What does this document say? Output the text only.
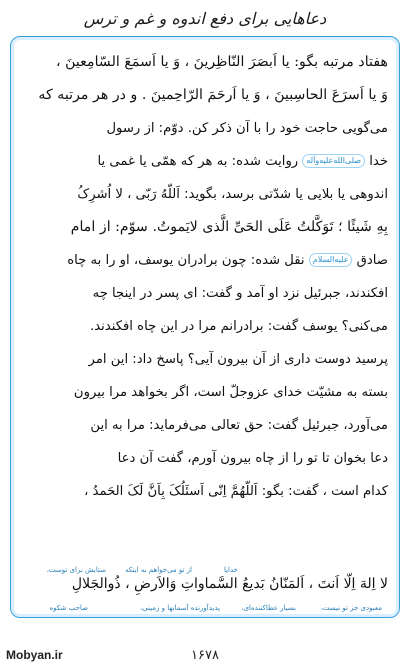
دعاهایی برای دفع اندوه و غم و ترس
هفتاد مرتبه بگو: یا اَبصَرَ النّاظِرینَ ، وَ یا اَسمَعَ السّامِعینَ ،
وَ یا اَسرَعَ الحاسِبینَ ، وَ یا اَرحَمَ الرّاحِمینَ . و در هر مرتبه که
می‌گویی حاجت خود را با آن ذکر کن. دوّم: از رسول
خدا صلی‌الله‌علیه‌وآله روایت شده: به هر که همّی یا غمی یا
اندوهی یا بلایی یا شدّتی برسد، بگوید: اَللّهُ رَبّی ، لا اُشرِکُ
بِهِ شَیئًا ؛ تَوَکَّلتُ عَلَی الحَیِّ الَّذی لایَموتُ. سوّم: از امام
صادق علیه‌السلام نقل شده: چون برادران یوسف، او را به چاه
افکندند، جبرئیل نزد او آمد و گفت: ای پسر در اینجا چه
می‌کنی؟ یوسف گفت: برادرانم مرا در این چاه افکندند.
پرسید دوست داری از آن بیرون آیی؟ پاسخ داد: این امر
بسته به مشیّت خدای عزوجلّ است، اگر بخواهد مرا بیرون
می‌آورد، جبرئیل گفت: حق تعالی می‌فرماید: مرا به این
دعا بخوان تا تو را از چاه بیرون آورم، گفت آن دعا
کدام است ، گفت: بگو: اَللّهُمَّ اِنّی اَسئَلُکَ بِاَنَّ لَکَ الحَمدُ ،
خدایا
از تو می‌خواهم به اینکه
ستایش برای توست،
لا اِلهَ اِلّا اَنتَ ، اَلمَنّانُ بَدیعُ السَّماواتِ وَالاَرضِ ، ذُوالجَلالِ
معبودی جز تو نیست،
بسیار عطاکننده‌ای،
پدیدآورنده آسمانها و زمینی،
صاحب شکوه
Mobyan.ir	۱۶۷۸
